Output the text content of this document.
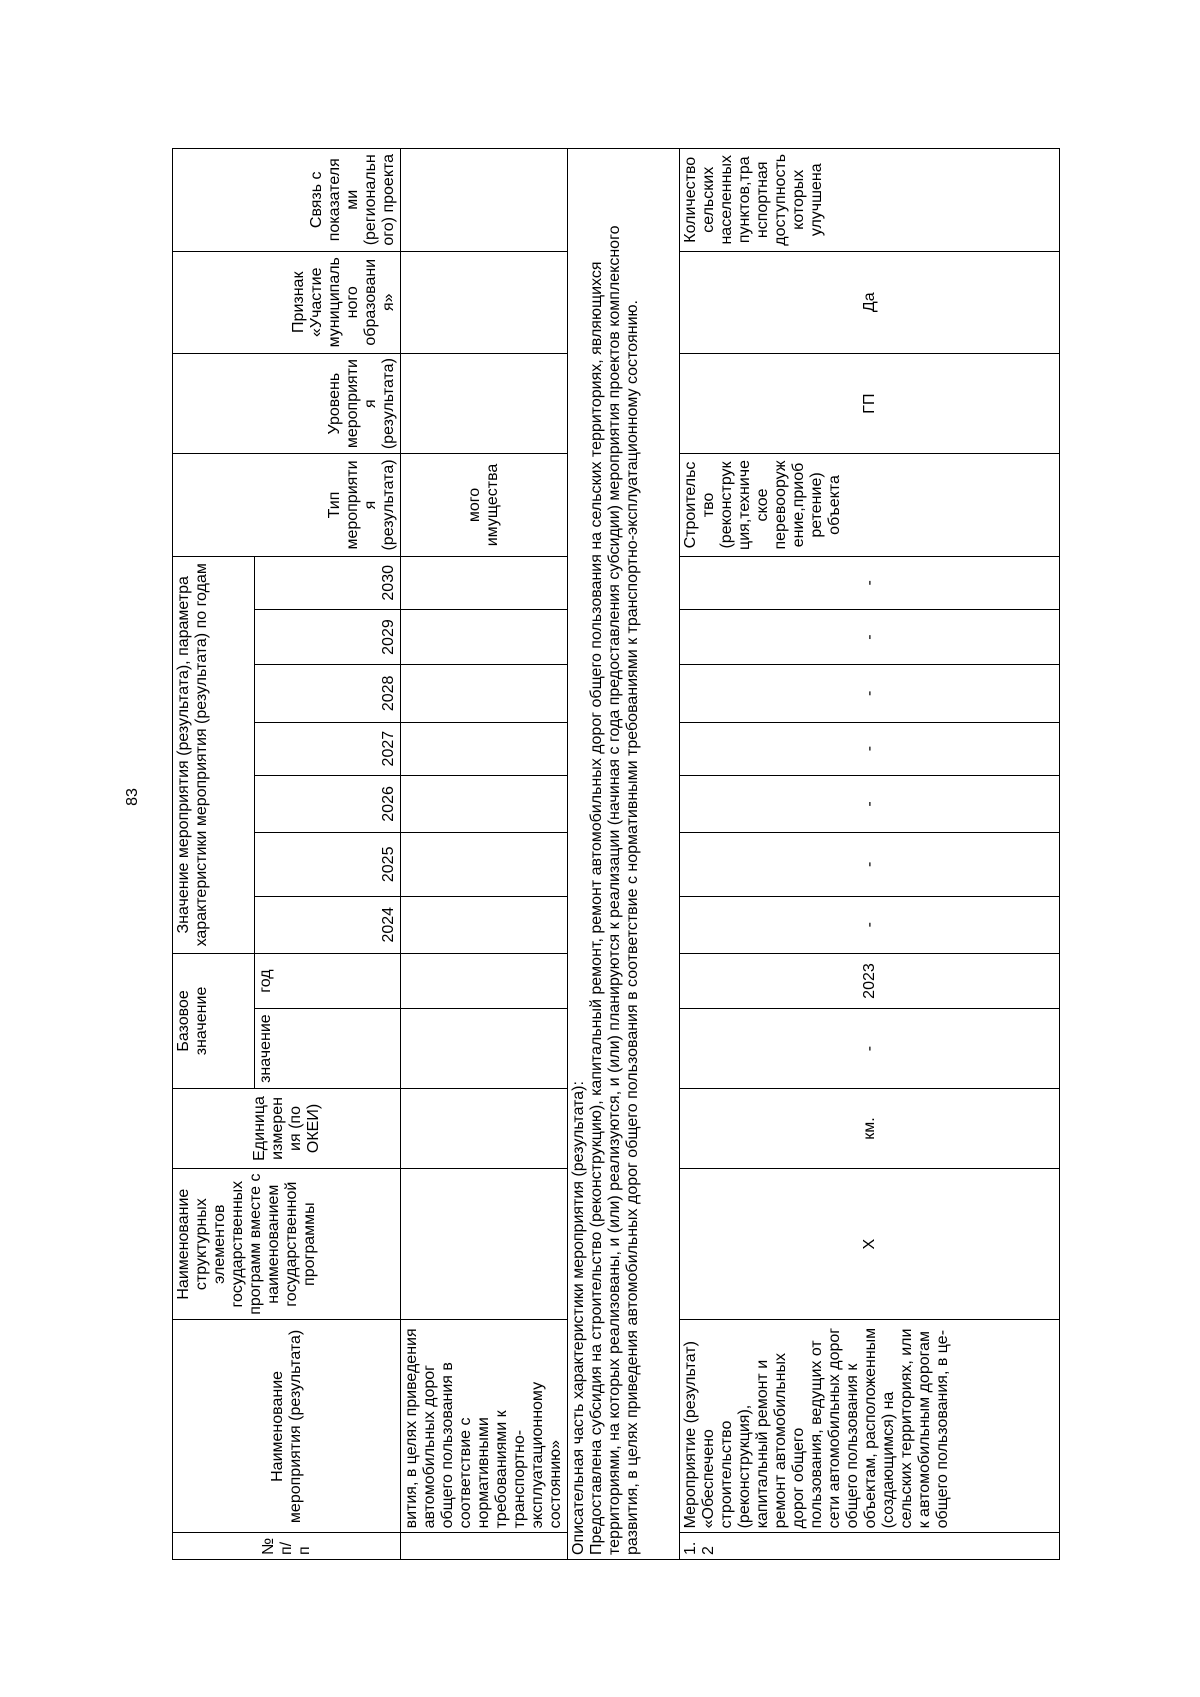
83
№ п/п	Наименование мероприятия (результата)	Наименование структурных элементов государственных программ вместе с наименованием государственной программы	Единица измерения (по ОКЕИ)	Базовое значение		Значение мероприятия (результата), параметра характеристики мероприятия (результата) по годам							Тип мероприятия (результата)	Уровень мероприятия (результата)	Признак «Участие муниципального образования»	Связь с показателями (регионального) проекта
				значение	год	2024	2025	2026	2027	2028	2029	2030				
	вития, в целях приведения автомобильных дорог общего пользования в соответствие с нормативными требованиями к транспортно-эксплуатационному состоянию»												мого имущества			

Описательная часть характеристики мероприятия (результата): Предоставлена субсидия на строительство (реконструкцию), капитальный ремонт, ремонт автомобильных дорог общего пользования на сельских территориях, являющихся территориями, на которых реализованы, и (или) реализуются, и (или) планируются к реализации (начиная с года предоставления субсидии) мероприятия проектов комплексного развития, в целях приведения автомобильных дорог общего пользования в соответствие с нормативными требованиями к транспортно-эксплуатационному состоянию.																

1.2	Мероприятие (результат) «Обеспечено строительство (реконструкция), капитальный ремонт и ремонт автомобильных дорог общего пользования, ведущих от сети автомобильных дорог общего пользования к объектам, расположенным (создающимся) на сельских территориях, или к автомобильным дорогам общего пользования, в це-	Х	км.	-	2023	-	-	-	-	-	-	-	Строительство (реконструкция,техническое перевооружение,приобретение) объекта	ГП	Да	Количество сельских населенных пунктов,транспортная доступность которых улучшена
